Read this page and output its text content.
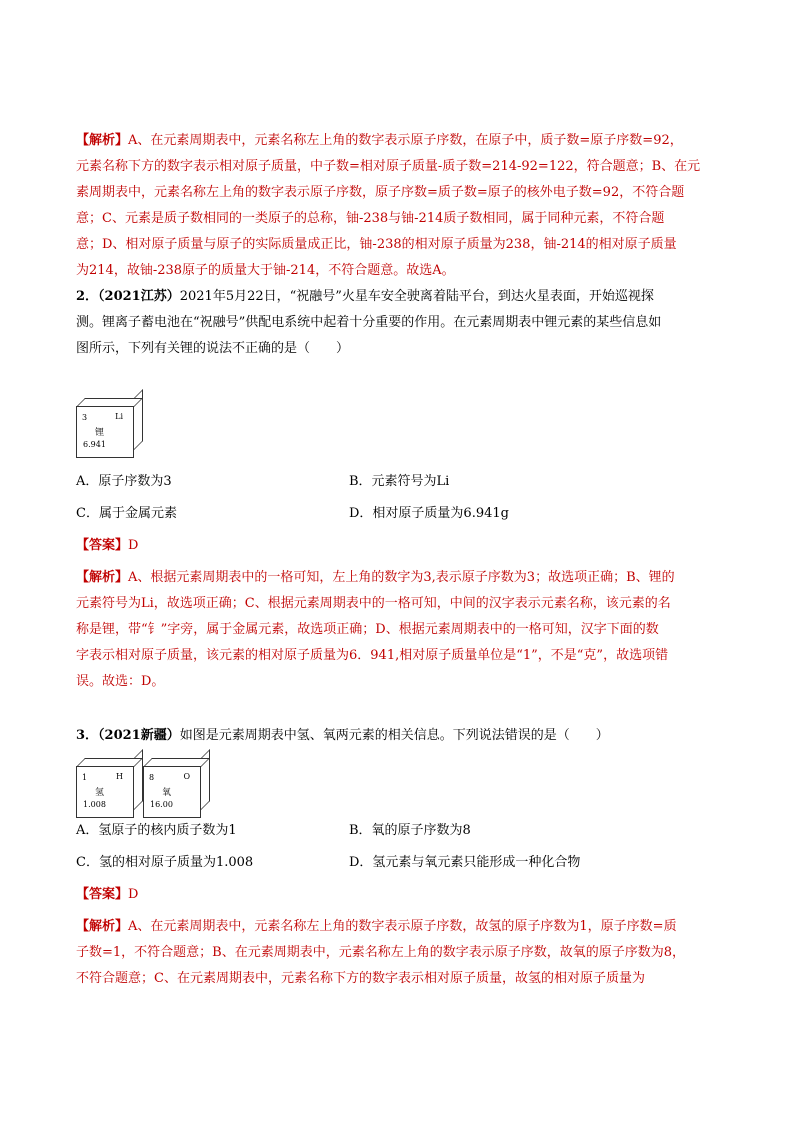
【解析】A、在元素周期表中，元素名称左上角的数字表示原子序数，在原子中，质子数=原子序数=92，

元素名称下方的数字表示相对原子质量，中子数=相对原子质量-质子数=214-92=122，符合题意；B、在元

素周期表中，元素名称左上角的数字表示原子序数，原子序数=质子数=原子的核外电子数=92，不符合题

意；C、元素是质子数相同的一类原子的总称，铀-238与铀-214质子数相同，属于同种元素，不符合题

意；D、相对原子质量与原子的实际质量成正比，铀-238的相对原子质量为238，铀-214的相对原子质量

为214，故铀-238原子的质量大于铀-214，不符合题意。故选A。

2．（2021江苏）2021年5月22日，“祝融号”火星车安全驶离着陆平台，到达火星表面，开始巡视探

测。锂离子蓄电池在“祝融号”供配电系统中起着十分重要的作用。在元素周期表中锂元素的某些信息如

图所示，下列有关锂的说法不正确的是（　　）

3	Li
锂
6.941
A．原子序数为3	B．元素符号为Li
C．属于金属元素	D．相对原子质量为6.941g

【答案】D

【解析】A、根据元素周期表中的一格可知，左上角的数字为3,表示原子序数为3；故选项正确；B、锂的

元素符号为Li，故选项正确；C、根据元素周期表中的一格可知，中间的汉字表示元素名称，该元素的名

称是锂，带“钅”字旁，属于金属元素，故选项正确；D、根据元素周期表中的一格可知，汉字下面的数

字表示相对原子质量，该元素的相对原子质量为6．941,相对原子质量单位是“1”，不是“克”，故选项错

误。故选：D。

3．（2021新疆）如图是元素周期表中氢、氧两元素的相关信息。下列说法错误的是（　　）

1	H
氢
1.008
8	O
氧
16.00
A．氢原子的核内质子数为1	B．氧的原子序数为8
C．氢的相对原子质量为1.008	D．氢元素与氧元素只能形成一种化合物

【答案】D

【解析】A、在元素周期表中，元素名称左上角的数字表示原子序数，故氢的原子序数为1，原子序数=质

子数=1，不符合题意；B、在元素周期表中，元素名称左上角的数字表示原子序数，故氧的原子序数为8，

不符合题意；C、在元素周期表中，元素名称下方的数字表示相对原子质量，故氢的相对原子质量为
